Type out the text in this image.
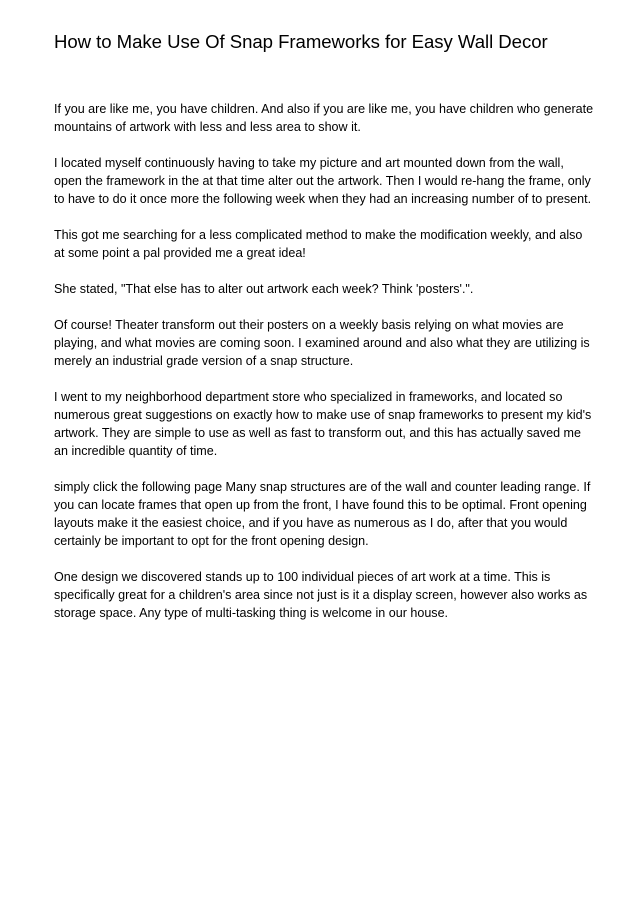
How to Make Use Of Snap Frameworks for Easy Wall Decor

If you are like me, you have children. And also if you are like me, you have children who generate mountains of artwork with less and less area to show it.

I located myself continuously having to take my picture and art mounted down from the wall, open the framework in the at that time alter out the artwork. Then I would re-hang the frame, only to have to do it once more the following week when they had an increasing number of to present.

This got me searching for a less complicated method to make the modification weekly, and also at some point a pal provided me a great idea!

She stated, "That else has to alter out artwork each week? Think 'posters'.".

Of course! Theater transform out their posters on a weekly basis relying on what movies are playing, and what movies are coming soon. I examined around and also what they are utilizing is merely an industrial grade version of a snap structure.

I went to my neighborhood department store who specialized in frameworks, and located so numerous great suggestions on exactly how to make use of snap frameworks to present my kid's artwork. They are simple to use as well as fast to transform out, and this has actually saved me an incredible quantity of time.

simply click the following page Many snap structures are of the wall and counter leading range. If you can locate frames that open up from the front, I have found this to be optimal. Front opening layouts make it the easiest choice, and if you have as numerous as I do, after that you would certainly be important to opt for the front opening design.

One design we discovered stands up to 100 individual pieces of art work at a time. This is specifically great for a children's area since not just is it a display screen, however also works as storage space. Any type of multi-tasking thing is welcome in our house.
